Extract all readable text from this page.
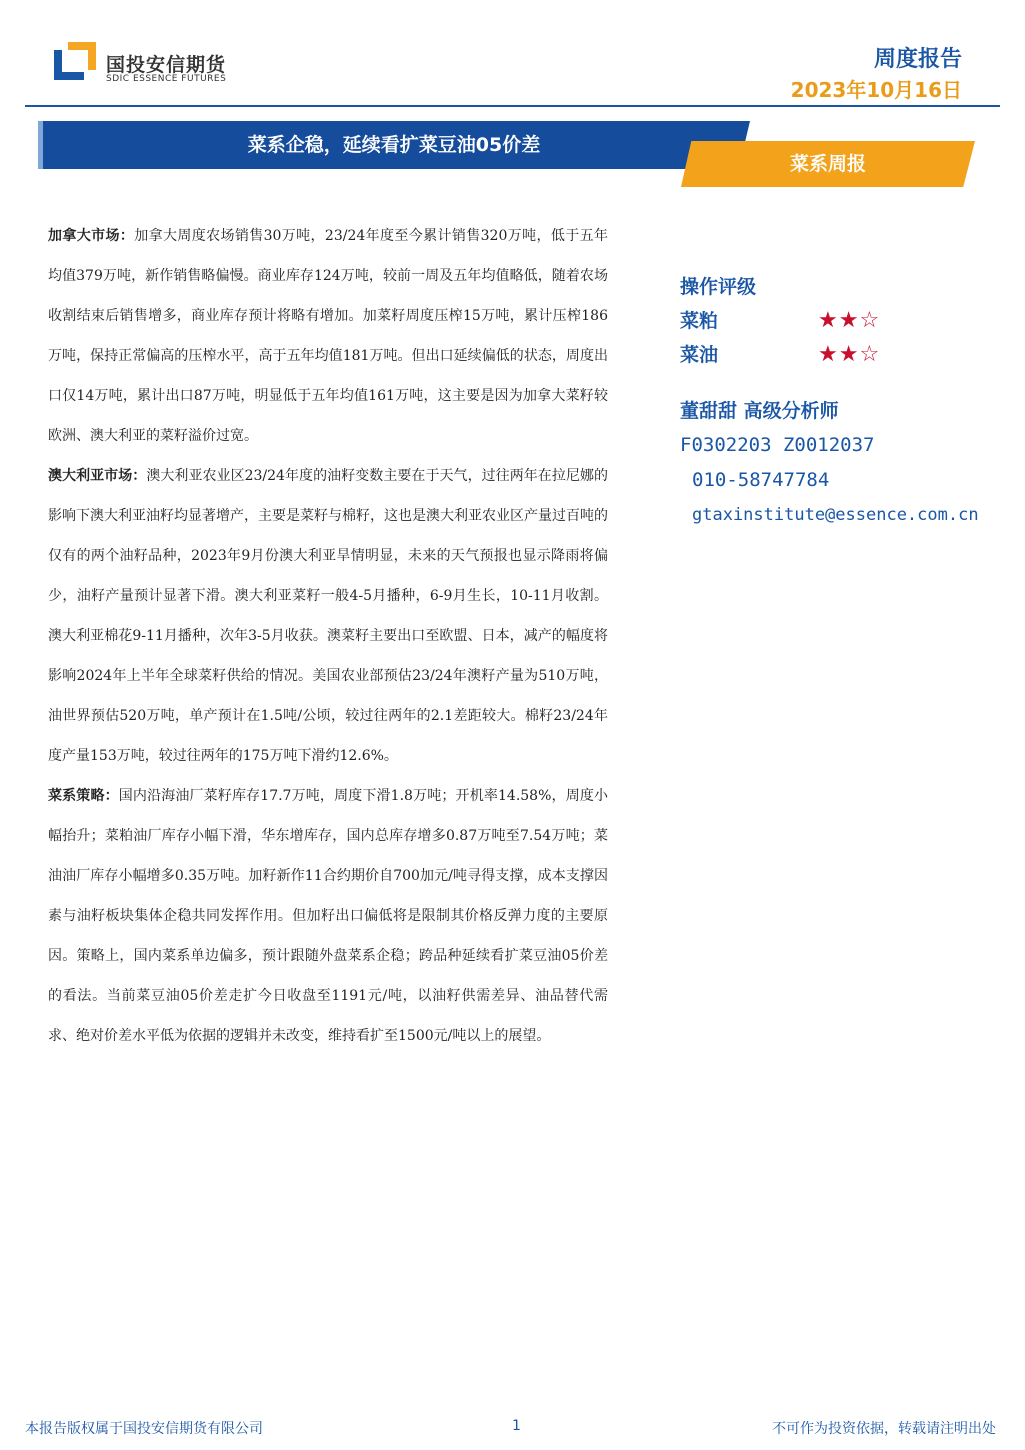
国投安信期货
SDIC ESSENCE FUTURES
周度报告
2023年10月16日
菜系企稳，延续看扩菜豆油05价差
菜系周报

加拿大市场：加拿大周度农场销售30万吨，23/24年度至今累计销售320万吨，低于五年均值379万吨，新作销售略偏慢。商业库存124万吨，较前一周及五年均值略低，随着农场收割结束后销售增多，商业库存预计将略有增加。加菜籽周度压榨15万吨，累计压榨186万吨，保持正常偏高的压榨水平，高于五年均值181万吨。但出口延续偏低的状态，周度出口仅14万吨，累计出口87万吨，明显低于五年均值161万吨，这主要是因为加拿大菜籽较欧洲、澳大利亚的菜籽溢价过宽。

澳大利亚市场：澳大利亚农业区23/24年度的油籽变数主要在于天气，过往两年在拉尼娜的影响下澳大利亚油籽均显著增产，主要是菜籽与棉籽，这也是澳大利亚农业区产量过百吨的仅有的两个油籽品种，2023年9月份澳大利亚旱情明显，未来的天气预报也显示降雨将偏少，油籽产量预计显著下滑。澳大利亚菜籽一般4-5月播种，6-9月生长，10-11月收割。澳大利亚棉花9-11月播种，次年3-5月收获。澳菜籽主要出口至欧盟、日本，减产的幅度将影响2024年上半年全球菜籽供给的情况。美国农业部预估23/24年澳籽产量为510万吨，油世界预估520万吨，单产预计在1.5吨/公顷，较过往两年的2.1差距较大。棉籽23/24年度产量153万吨，较过往两年的175万吨下滑约12.6%。

菜系策略：国内沿海油厂菜籽库存17.7万吨，周度下滑1.8万吨；开机率14.58%，周度小幅抬升；菜粕油厂库存小幅下滑，华东增库存，国内总库存增多0.87万吨至7.54万吨；菜油油厂库存小幅增多0.35万吨。加籽新作11合约期价自700加元/吨寻得支撑，成本支撑因素与油籽板块集体企稳共同发挥作用。但加籽出口偏低将是限制其价格反弹力度的主要原因。策略上，国内菜系单边偏多，预计跟随外盘菜系企稳；跨品种延续看扩菜豆油05价差的看法。当前菜豆油05价差走扩今日收盘至1191元/吨，以油籽供需差异、油品替代需求、绝对价差水平低为依据的逻辑并未改变，维持看扩至1500元/吨以上的展望。

操作评级
菜粕	★★☆
菜油	★★☆
董甜甜 高级分析师
F0302203 Z0012037
010-58747784
gtaxinstitute@essence.com.cn
本报告版权属于国投安信期货有限公司	1	不可作为投资依据，转载请注明出处
